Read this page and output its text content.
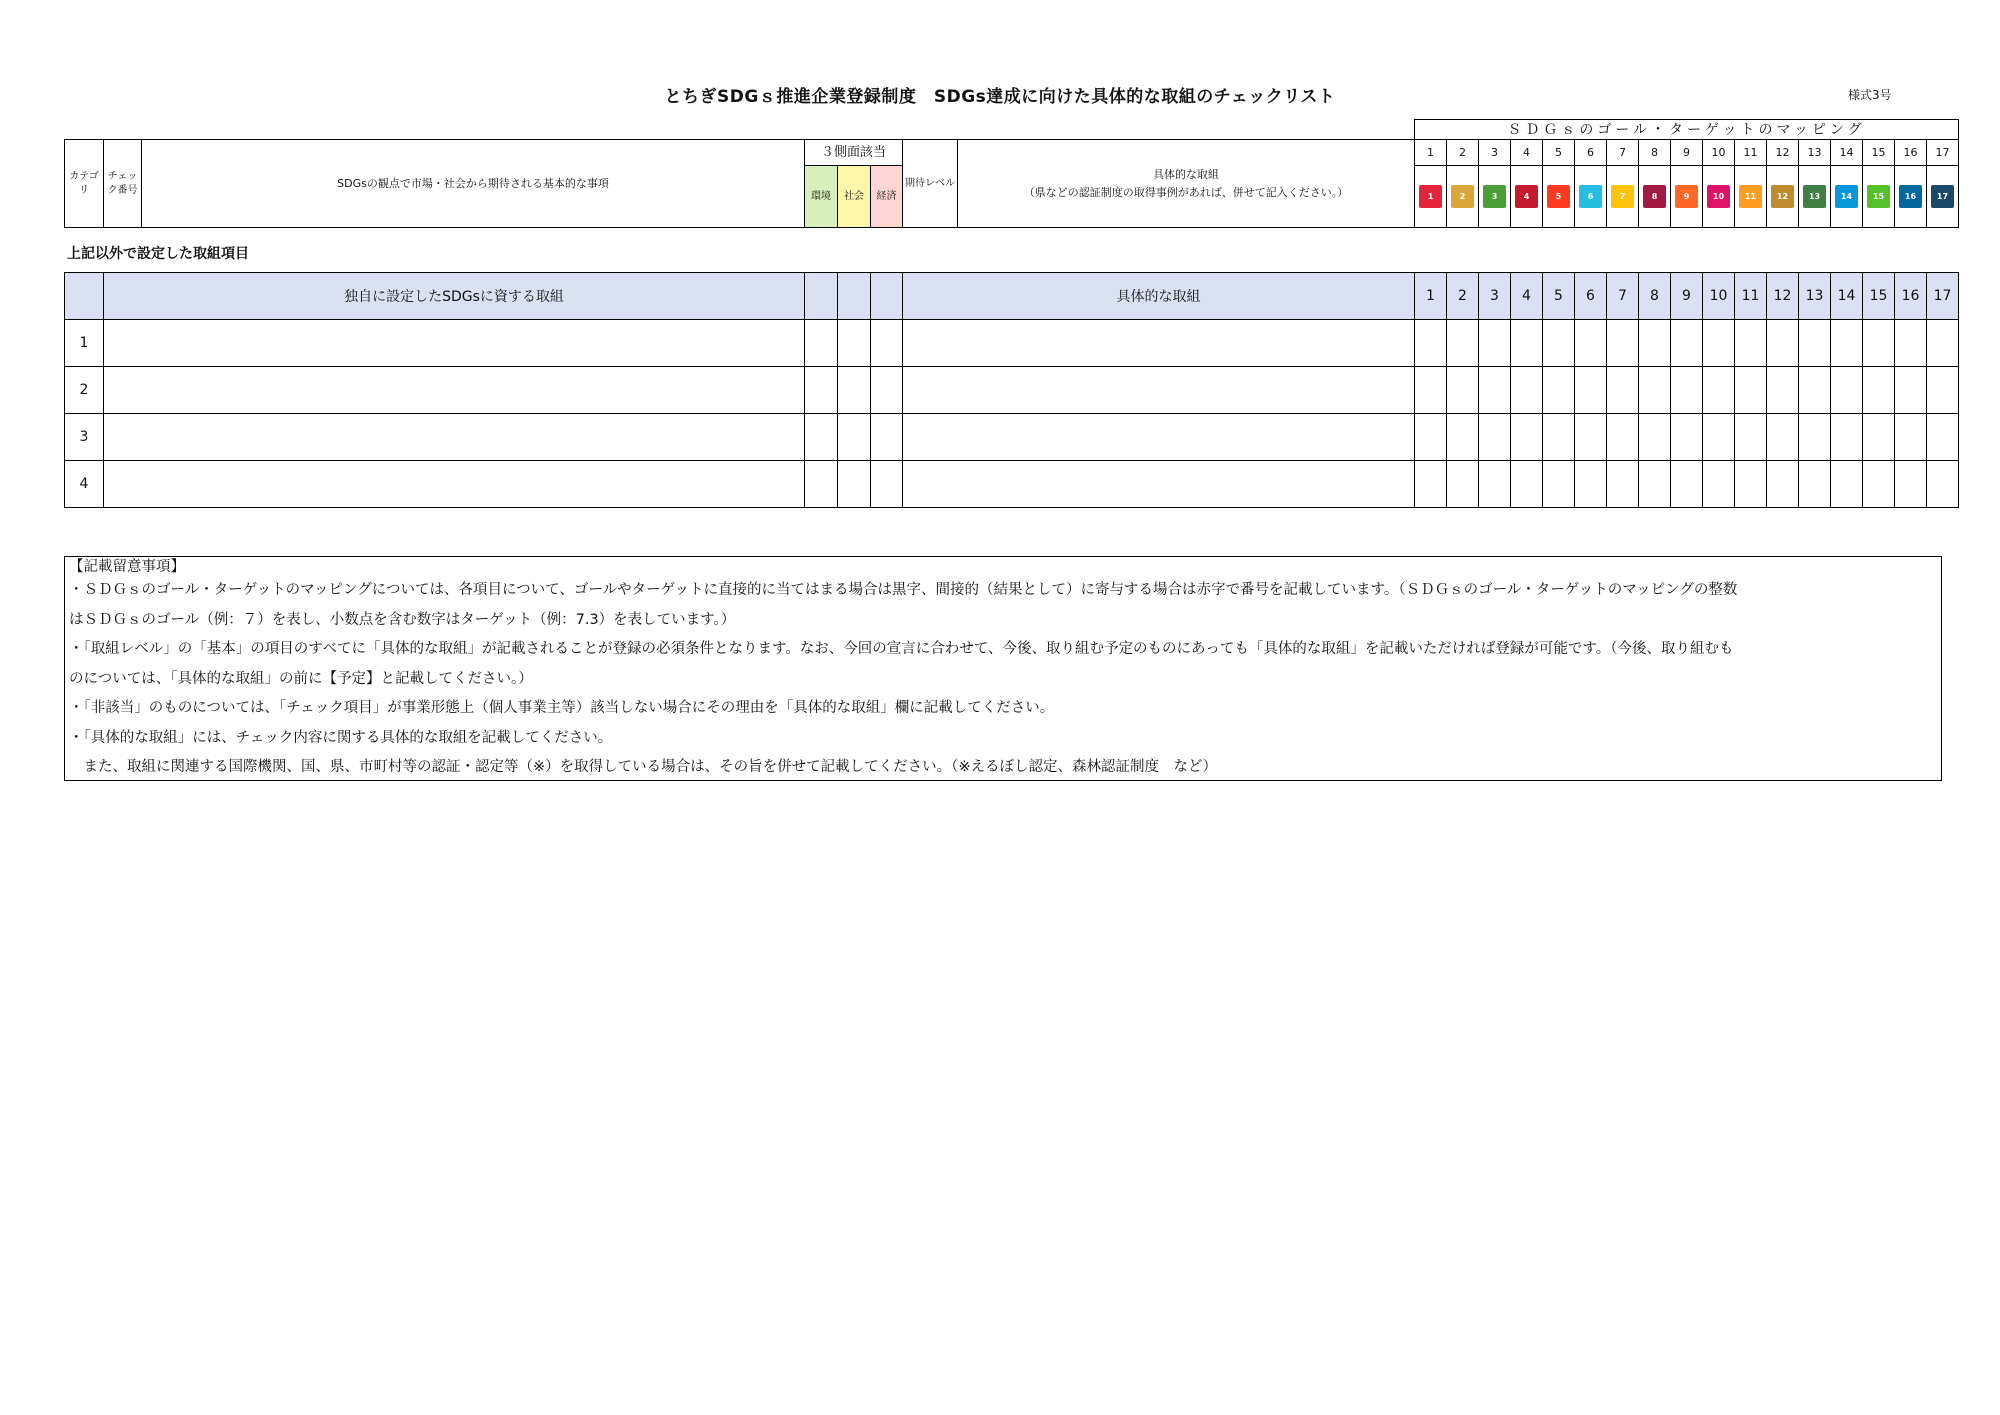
とちぎSDGｓ推進企業登録制度　SDGs達成に向けた具体的な取組のチェックリスト	様式3号
								ＳＤＧｓのゴール・ターゲットのマッピング																
カテゴリ	チェック番号	SDGsの観点で市場・社会から期待される基本的な事項	３側面該当			期待レベル	具体的な取組
（県などの認証制度の取得事例があれば、併せて記入ください。）	1	2	3	4	5	6	7	8	9	10	11	12	13	14	15	16	17
			環境	社会	経済			1	2	3	4	5	6	7	8	9	10	11	12	13	14	15	16	17
上記以外で設定した取組項目
	独自に設定したSDGsに資する取組				具体的な取組	1	2	3	4	5	6	7	8	9	10	11	12	13	14	15	16	17
1																						
2																						
3																						
4																						
【記載留意事項】
・ＳＤＧｓのゴール・ターゲットのマッピングについては、各項目について、ゴールやターゲットに直接的に当てはまる場合は黒字、間接的（結果として）に寄与する場合は赤字で番号を記載しています。（ＳＤＧｓのゴール・ターゲットのマッピングの整数
はＳＤＧｓのゴール（例：７）を表し、小数点を含む数字はターゲット（例：7.3）を表しています。）
・「取組レベル」の「基本」の項目のすべてに「具体的な取組」が記載されることが登録の必須条件となります。なお、今回の宣言に合わせて、今後、取り組む予定のものにあっても「具体的な取組」を記載いただければ登録が可能です。（今後、取り組むも
のについては、「具体的な取組」の前に【予定】と記載してください。）
・「非該当」のものについては、「チェック項目」が事業形態上（個人事業主等）該当しない場合にその理由を「具体的な取組」欄に記載してください。
・「具体的な取組」には、チェック内容に関する具体的な取組を記載してください。
　また、取組に関連する国際機関、国、県、市町村等の認証・認定等（※）を取得している場合は、その旨を併せて記載してください。（※えるぼし認定、森林認証制度　など）
